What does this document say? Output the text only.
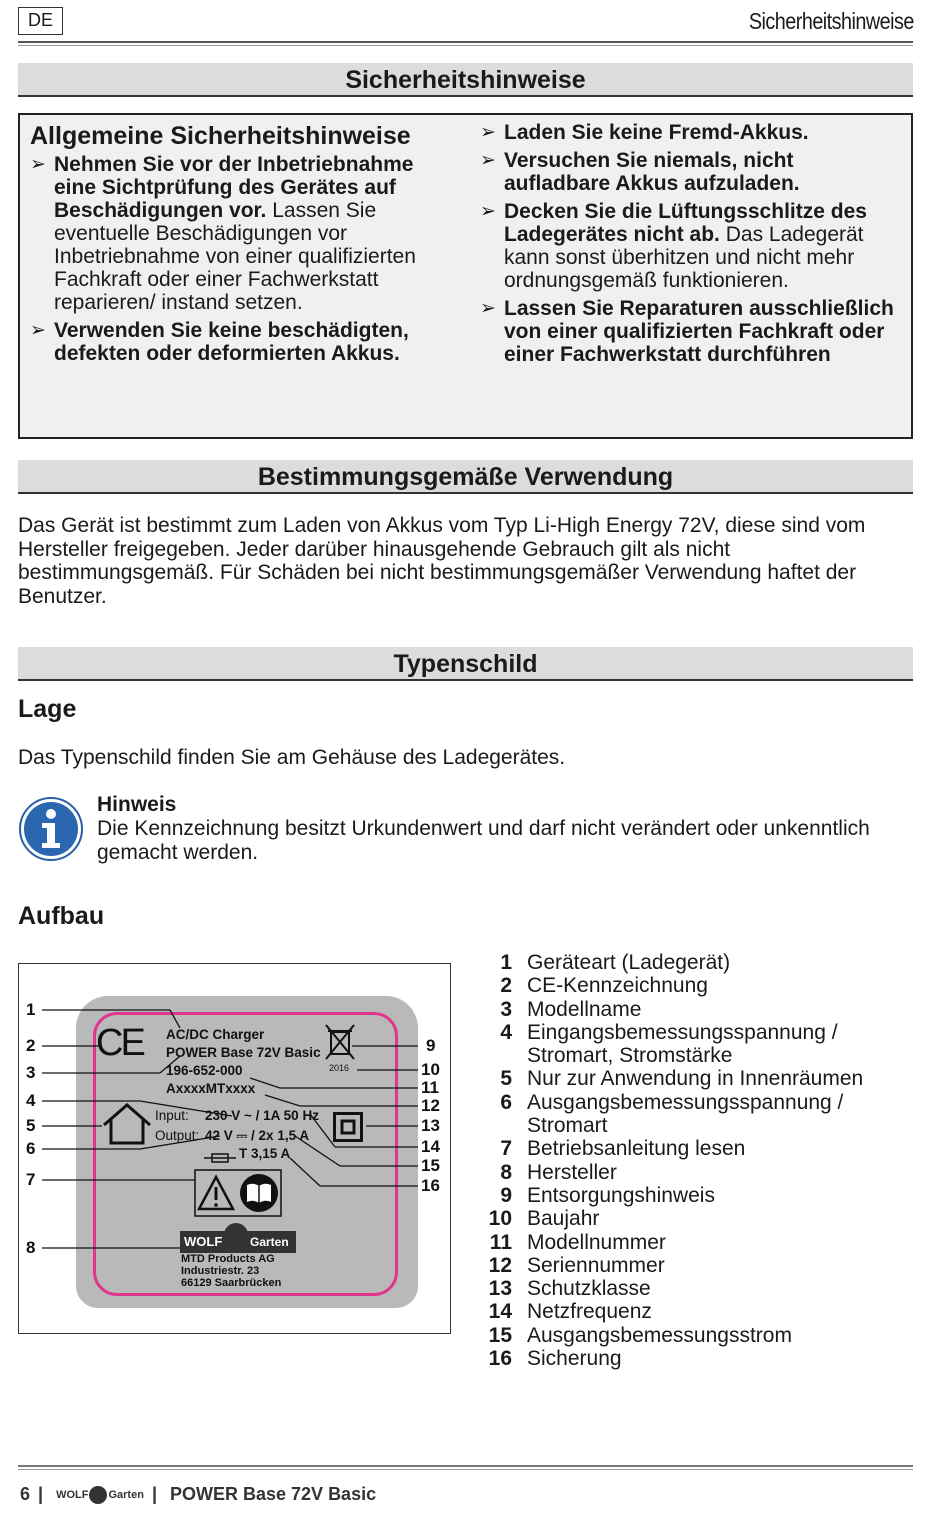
DE	Sicherheitshinweise
Sicherheitshinweise
Allgemeine Sicherheitshinweise
➢ Nehmen Sie vor der Inbetriebnahme eine Sichtprüfung des Gerätes auf Beschädigungen vor. Lassen Sie eventuelle Beschädigungen vor Inbetriebnahme von einer qualifizierten Fachkraft oder einer Fachwerkstatt reparieren/ instand setzen.
➢ Verwenden Sie keine beschädigten, defekten oder deformierten Akkus.
➢ Laden Sie keine Fremd-Akkus.
➢ Versuchen Sie niemals, nicht aufladbare Akkus aufzuladen.
➢ Decken Sie die Lüftungsschlitze des Ladegerätes nicht ab. Das Ladegerät kann sonst überhitzen und nicht mehr ordnungsgemäß funktionieren.
➢ Lassen Sie Reparaturen ausschließlich von einer qualifizierten Fachkraft oder einer Fachwerkstatt durchführen
Bestimmungsgemäße Verwendung
Das Gerät ist bestimmt zum Laden von Akkus vom Typ Li-High Energy 72V, diese sind vom Hersteller freigegeben. Jeder darüber hinausgehende Gebrauch gilt als nicht bestimmungsgemäß. Für Schäden bei nicht bestimmungsgemäßer Verwendung haftet der Benutzer.
Typenschild
Lage
Das Typenschild finden Sie am Gehäuse des Ladegerätes.
Hinweis
Die Kennzeichnung besitzt Urkundenwert und darf nicht verändert oder unkenntlich gemacht werden.
Aufbau
CE AC/DC Charger
POWER Base 72V Basic
196-652-000
AxxxxMTxxxx
2016
Input: 230 V ~ / 1A 50 Hz
Output: 42 V ⎓ / 2x 1,5 A
T 3,15 A
WOLF Garten
MTD Products AG
Industriestr. 23
66129 Saarbrücken
1
2
3
4
5
6
7
8
9
10
11
12
13
14
15
16
1 Geräteart (Ladegerät)
2 CE-Kennzeichnung
3 Modellname
4 Eingangsbemessungsspannung / Stromart, Stromstärke
5 Nur zur Anwendung in Innenräumen
6 Ausgangsbemessungsspannung / Stromart
7 Betriebsanleitung lesen
8 Hersteller
9 Entsorgungshinweis
10 Baujahr
11 Modellnummer
12 Seriennummer
13 Schutzklasse
14 Netzfrequenz
15 Ausgangsbemessungsstrom
16 Sicherung
6 | WOLF Garten | POWER Base 72V Basic
